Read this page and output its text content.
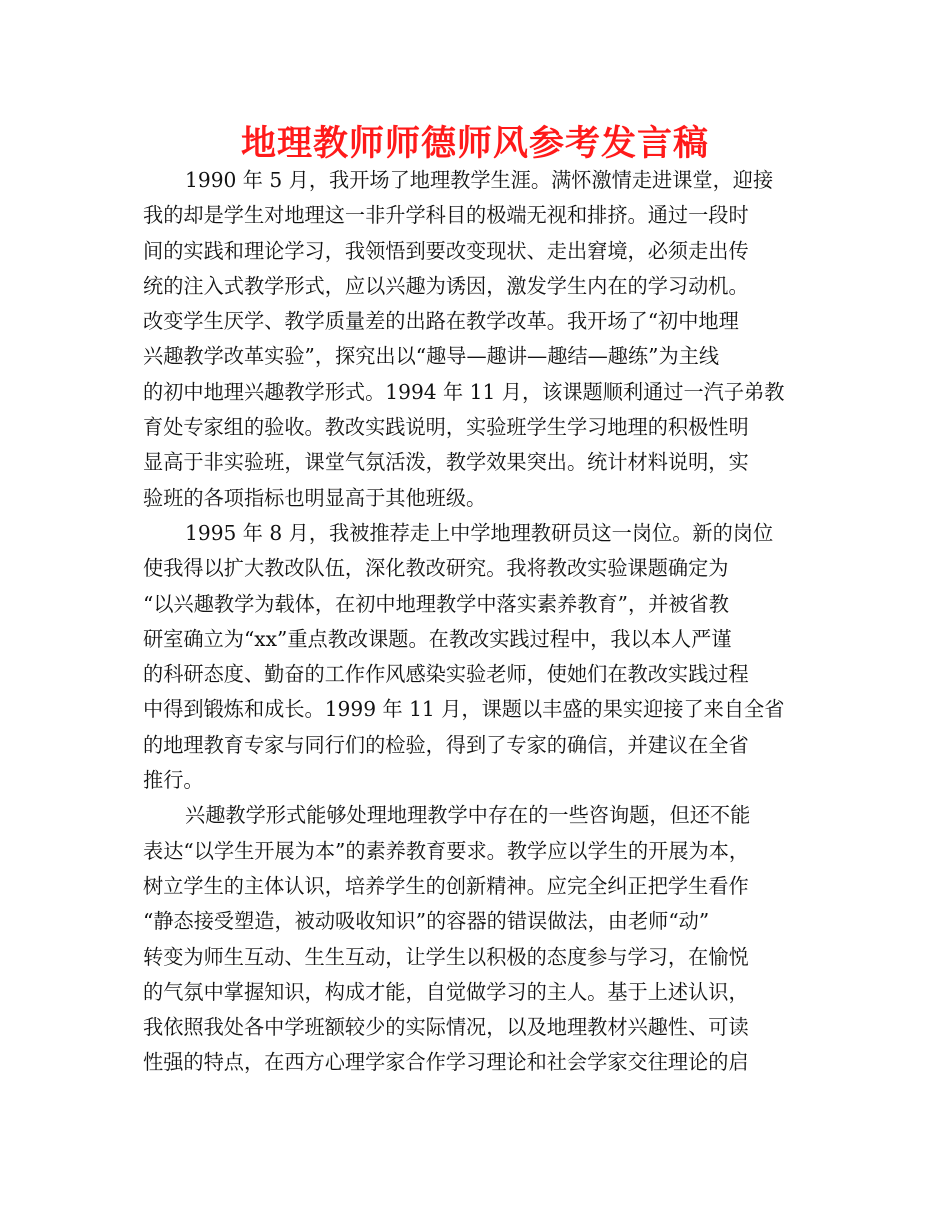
地理教师师德师风参考发言稿
1990 年 5 月，我开场了地理教学生涯。满怀激情走进课堂，迎接
我的却是学生对地理这一非升学科目的极端无视和排挤。通过一段时
间的实践和理论学习，我领悟到要改变现状、走出窘境，必须走出传
统的注入式教学形式，应以兴趣为诱因，激发学生内在的学习动机。
改变学生厌学、教学质量差的出路在教学改革。我开场了“初中地理
兴趣教学改革实验”，探究出以“趣导—趣讲—趣结—趣练”为主线
的初中地理兴趣教学形式。1994 年 11 月，该课题顺利通过一汽子弟教
育处专家组的验收。教改实践说明，实验班学生学习地理的积极性明
显高于非实验班，课堂气氛活泼，教学效果突出。统计材料说明，实
验班的各项指标也明显高于其他班级。
1995 年 8 月，我被推荐走上中学地理教研员这一岗位。新的岗位
使我得以扩大教改队伍，深化教改研究。我将教改实验课题确定为
“以兴趣教学为载体，在初中地理教学中落实素养教育”，并被省教
研室确立为“xx”重点教改课题。在教改实践过程中，我以本人严谨
的科研态度、勤奋的工作作风感染实验老师，使她们在教改实践过程
中得到锻炼和成长。1999 年 11 月，课题以丰盛的果实迎接了来自全省
的地理教育专家与同行们的检验，得到了专家的确信，并建议在全省
推行。
兴趣教学形式能够处理地理教学中存在的一些咨询题，但还不能
表达“以学生开展为本”的素养教育要求。教学应以学生的开展为本，
树立学生的主体认识，培养学生的创新精神。应完全纠正把学生看作
“静态接受塑造，被动吸收知识”的容器的错误做法，由老师“动”
转变为师生互动、生生互动，让学生以积极的态度参与学习，在愉悦
的气氛中掌握知识，构成才能，自觉做学习的主人。基于上述认识，
我依照我处各中学班额较少的实际情况，以及地理教材兴趣性、可读
性强的特点，在西方心理学家合作学习理论和社会学家交往理论的启
